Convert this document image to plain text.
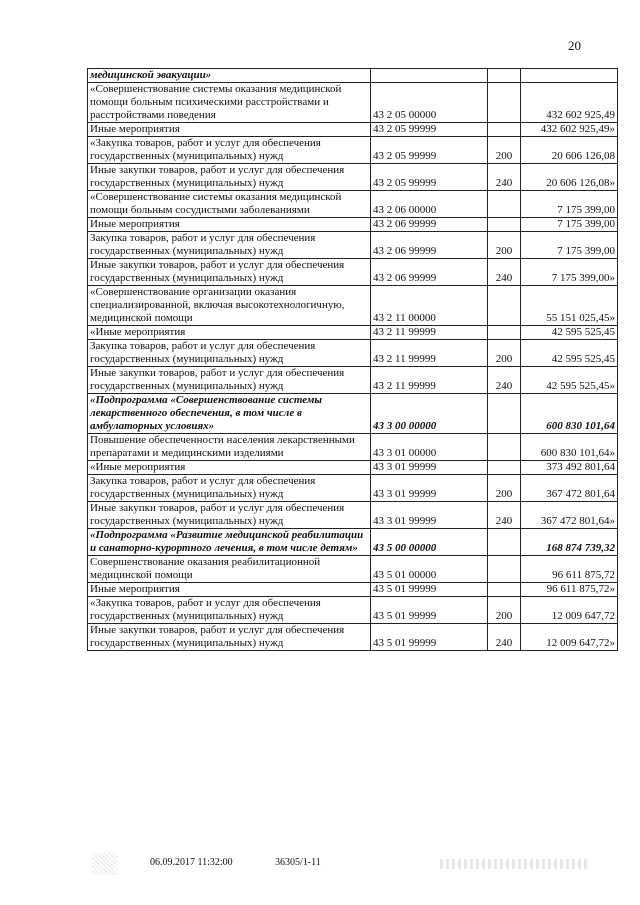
20
медицинской эвакуации»			
«Совершенствование системы оказания медицинской помощи больным психическими расстройствами и расстройствами поведения	43 2 05 00000		432 602 925,49
Иные мероприятия	43 2 05 99999		432 602 925,49»
«Закупка товаров, работ и услуг для обеспечения государственных (муниципальных) нужд	43 2 05 99999	200	20 606 126,08
Иные закупки товаров, работ и услуг для обеспечения государственных (муниципальных) нужд	43 2 05 99999	240	20 606 126,08»
«Совершенствование системы оказания медицинской помощи больным сосудистыми заболеваниями	43 2 06 00000		7 175 399,00
Иные мероприятия	43 2 06 99999		7 175 399,00
Закупка товаров, работ и услуг для обеспечения государственных (муниципальных) нужд	43 2 06 99999	200	7 175 399,00
Иные закупки товаров, работ и услуг для обеспечения государственных (муниципальных) нужд	43 2 06 99999	240	7 175 399,00»
«Совершенствование организации оказания специализированной, включая высокотехнологичную, медицинской помощи	43 2 11 00000		55 151 025,45»
«Иные мероприятия	43 2 11 99999		42 595 525,45
Закупка товаров, работ и услуг для обеспечения государственных (муниципальных) нужд	43 2 11 99999	200	42 595 525,45
Иные закупки товаров, работ и услуг для обеспечения государственных (муниципальных) нужд	43 2 11 99999	240	42 595 525,45»
«Подпрограмма «Совершенствование системы лекарственного обеспечения, в том числе в амбулаторных условиях»	43 3 00 00000		600 830 101,64
Повышение обеспеченности населения лекарственными препаратами и медицинскими изделиями	43 3 01 00000		600 830 101,64»
«Иные мероприятия	43 3 01 99999		373 492 801,64
Закупка товаров, работ и услуг для обеспечения государственных (муниципальных) нужд	43 3 01 99999	200	367 472 801,64
Иные закупки товаров, работ и услуг для обеспечения государственных (муниципальных) нужд	43 3 01 99999	240	367 472 801,64»
«Подпрограмма «Развитие медицинской реабилитации и санаторно-курортного лечения, в том числе детям»	43 5 00 00000		168 874 739,32
Совершенствование оказания реабилитационной медицинской помощи	43 5 01 00000		96 611 875,72
Иные мероприятия	43 5 01 99999		96 611 875,72»
«Закупка товаров, работ и услуг для обеспечения государственных (муниципальных) нужд	43 5 01 99999	200	12 009 647,72
Иные закупки товаров, работ и услуг для обеспечения государственных (муниципальных) нужд	43 5 01 99999	240	12 009 647,72»
06.09.2017 11:32:00	36305/1-11
